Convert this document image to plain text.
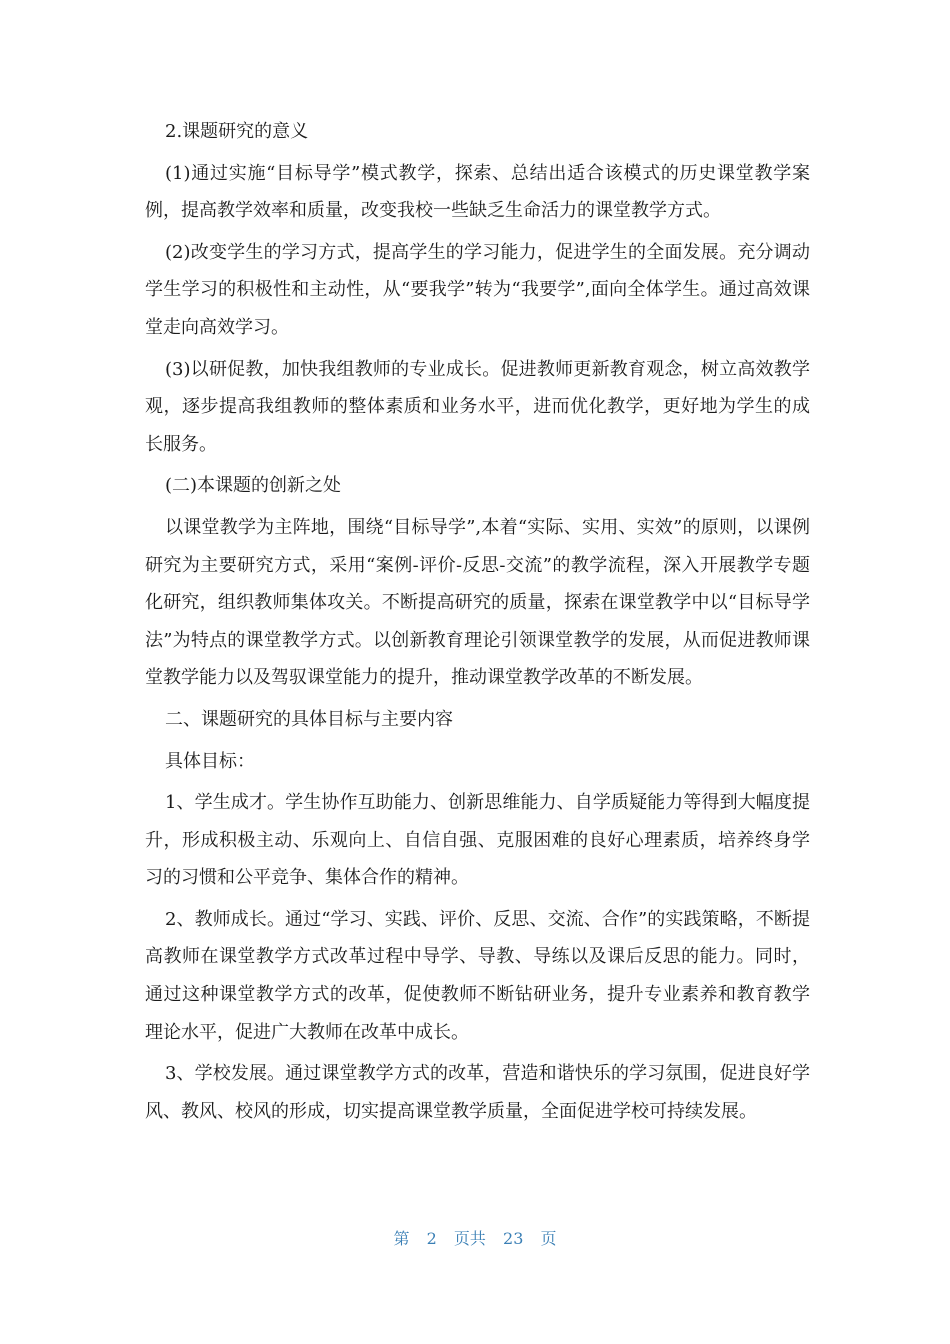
2.课题研究的意义

(1)通过实施“目标导学”模式教学，探索、总结出适合该模式的历史课堂教学案例，提高教学效率和质量，改变我校一些缺乏生命活力的课堂教学方式。

(2)改变学生的学习方式，提高学生的学习能力，促进学生的全面发展。充分调动学生学习的积极性和主动性，从“要我学”转为“我要学”,面向全体学生。通过高效课堂走向高效学习。

(3)以研促教，加快我组教师的专业成长。促进教师更新教育观念，树立高效教学观，逐步提高我组教师的整体素质和业务水平，进而优化教学，更好地为学生的成长服务。

(二)本课题的创新之处

以课堂教学为主阵地，围绕“目标导学”,本着“实际、实用、实效”的原则，以课例研究为主要研究方式，采用“案例-评价-反思-交流”的教学流程，深入开展教学专题化研究，组织教师集体攻关。不断提高研究的质量，探索在课堂教学中以“目标导学法”为特点的课堂教学方式。以创新教育理论引领课堂教学的发展，从而促进教师课堂教学能力以及驾驭课堂能力的提升，推动课堂教学改革的不断发展。

二、课题研究的具体目标与主要内容

具体目标：

1、学生成才。学生协作互助能力、创新思维能力、自学质疑能力等得到大幅度提升，形成积极主动、乐观向上、自信自强、克服困难的良好心理素质，培养终身学习的习惯和公平竞争、集体合作的精神。

2、教师成长。通过“学习、实践、评价、反思、交流、合作”的实践策略，不断提高教师在课堂教学方式改革过程中导学、导教、导练以及课后反思的能力。同时，通过这种课堂教学方式的改革，促使教师不断钻研业务，提升专业素养和教育教学理论水平，促进广大教师在改革中成长。

3、学校发展。通过课堂教学方式的改革，营造和谐快乐的学习氛围，促进良好学风、教风、校风的形成，切实提高课堂教学质量，全面促进学校可持续发展。

第 2 页共 23 页
